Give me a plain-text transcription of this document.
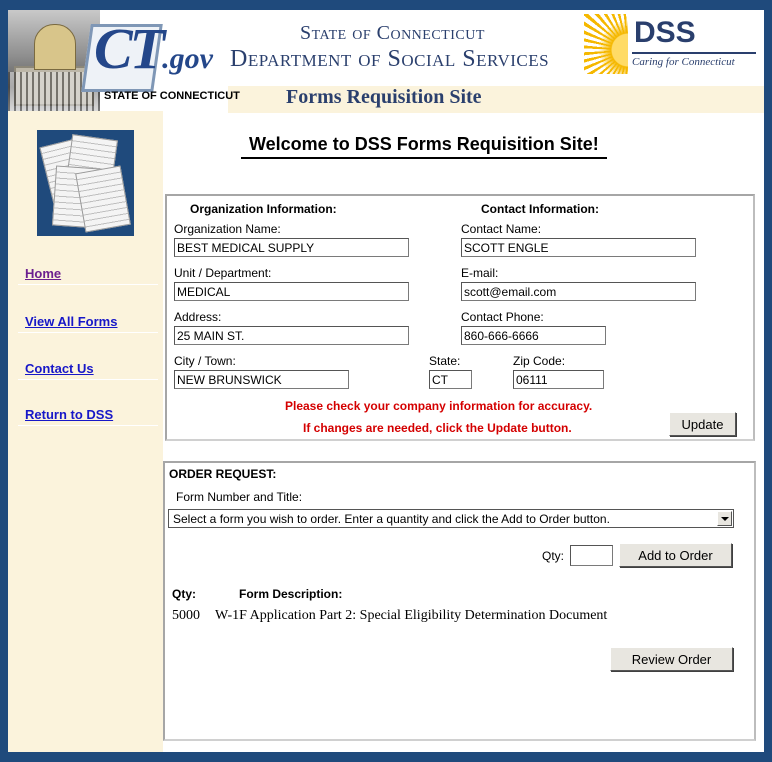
CT.gov
STATE OF CONNECTICUT
State of Connecticut
Department of Social Services
Forms Requisition Site
DSS
Caring for Connecticut
Home
View All Forms
Contact Us
Return to DSS
Welcome to DSS Forms Requisition Site!
Organization Information:	Contact Information:
Organization Name:
BEST MEDICAL SUPPLY	Contact Name:
SCOTT ENGLE
Unit / Department:
MEDICAL	E-mail:
scott@email.com
Address:
25 MAIN ST.	Contact Phone:
860-666-6666
City / Town:
NEW BRUNSWICK	State:
CT	Zip Code:
06111
Please check your company information for accuracy.
If changes are needed, click the Update button.	Update
ORDER REQUEST:
Form Number and Title:
Select a form you wish to order. Enter a quantity and click the Add to Order button.
Qty:	Add to Order
Qty:	Form Description:
5000 W-1F Application Part 2: Special Eligibility Determination Document
Review Order
